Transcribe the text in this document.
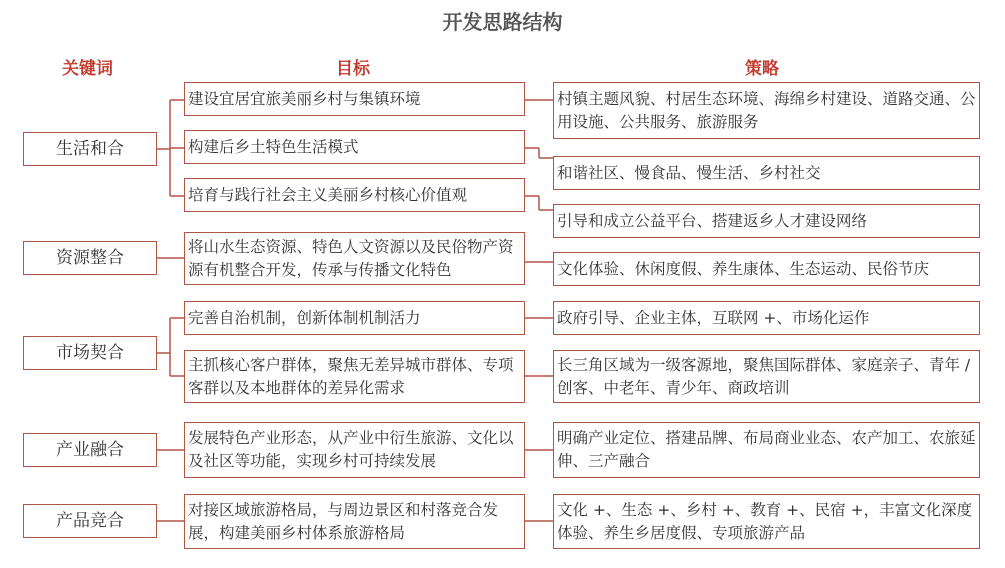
开发思路结构
关键词	目标	策略
生活和合
资源整合
市场契合
产业融合
产品竞合
建设宜居宜旅美丽乡村与集镇环境
构建后乡土特色生活模式
培育与践行社会主义美丽乡村核心价值观
将山水生态资源、特色人文资源以及民俗物产资源有机整合开发，传承与传播文化特色
完善自治机制，创新体制机制活力
主抓核心客户群体，聚焦无差异城市群体、专项客群以及本地群体的差异化需求
发展特色产业形态，从产业中衍生旅游、文化以及社区等功能，实现乡村可持续发展
对接区域旅游格局，与周边景区和村落竞合发展，构建美丽乡村体系旅游格局
村镇主题风貌、村居生态环境、海绵乡村建设、道路交通、公用设施、公共服务、旅游服务
和谐社区、慢食品、慢生活、乡村社交
引导和成立公益平台、搭建返乡人才建设网络
文化体验、休闲度假、养生康体、生态运动、民俗节庆
政府引导、企业主体，互联网 +、市场化运作
长三角区域为一级客源地，聚焦国际群体、家庭亲子、青年 / 创客、中老年、青少年、商政培训
明确产业定位、搭建品牌、布局商业业态、农产加工、农旅延伸、三产融合
文化 +、生态 +、乡村 +、教育 +、民宿 +，丰富文化深度体验、养生乡居度假、专项旅游产品
